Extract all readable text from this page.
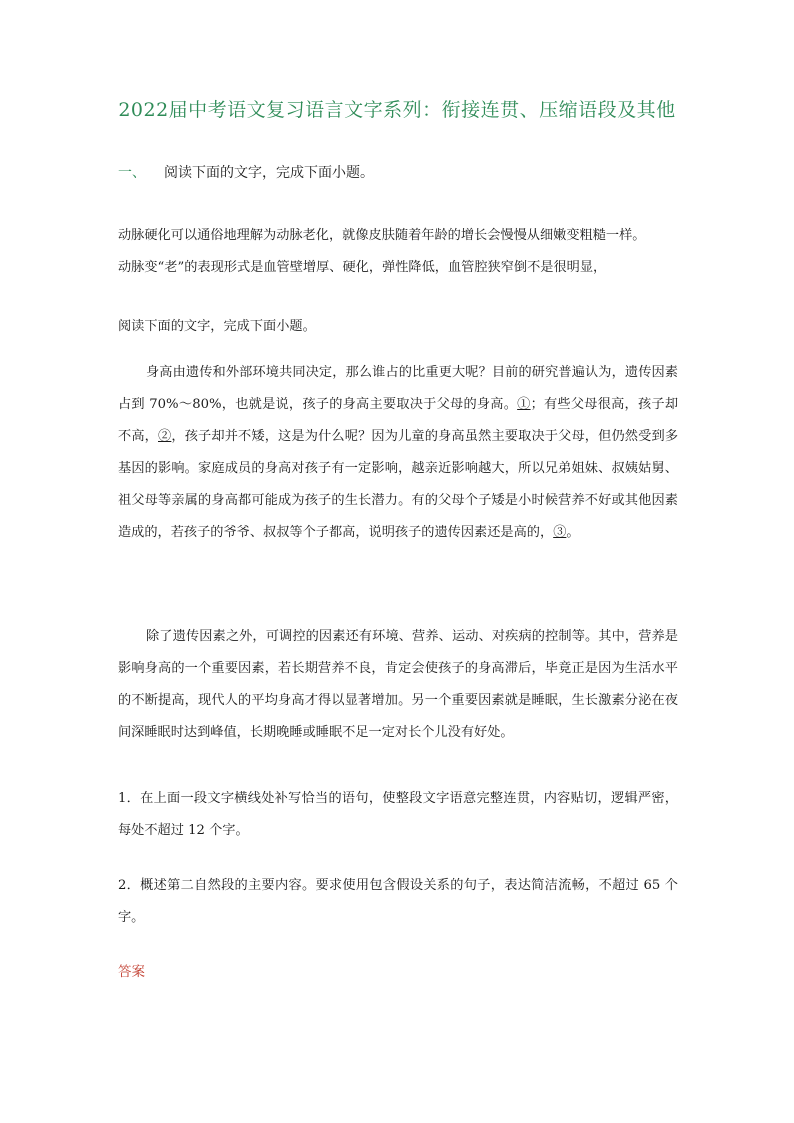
2022届中考语文复习语言文字系列：衔接连贯、压缩语段及其他
一、 阅读下面的文字，完成下面小题。
动脉硬化可以通俗地理解为动脉老化，就像皮肤随着年龄的增长会慢慢从细嫩变粗糙一样。
动脉变“老”的表现形式是血管壁增厚、硬化，弹性降低，血管腔狭窄倒不是很明显，
阅读下面的文字，完成下面小题。
身高由遗传和外部环境共同决定，那么谁占的比重更大呢？目前的研究普遍认为，遗传因素占到 70%～80%，也就是说，孩子的身高主要取决于父母的身高。①；有些父母很高，孩子却不高，②，孩子却并不矮，这是为什么呢？因为儿童的身高虽然主要取决于父母，但仍然受到多基因的影响。家庭成员的身高对孩子有一定影响，越亲近影响越大，所以兄弟姐妹、叔姨姑舅、祖父母等亲属的身高都可能成为孩子的生长潜力。有的父母个子矮是小时候营养不好或其他因素造成的，若孩子的爷爷、叔叔等个子都高，说明孩子的遗传因素还是高的，③。
除了遗传因素之外，可调控的因素还有环境、营养、运动、对疾病的控制等。其中，营养是影响身高的一个重要因素，若长期营养不良，肯定会使孩子的身高滞后，毕竟正是因为生活水平的不断提高，现代人的平均身高才得以显著增加。另一个重要因素就是睡眠，生长激素分泌在夜间深睡眠时达到峰值，长期晚睡或睡眠不足一定对长个儿没有好处。
1．在上面一段文字横线处补写恰当的语句，使整段文字语意完整连贯，内容贴切，逻辑严密，每处不超过 12 个字。
2．概述第二自然段的主要内容。要求使用包含假设关系的句子，表达简洁流畅，不超过 65 个字。
答案
